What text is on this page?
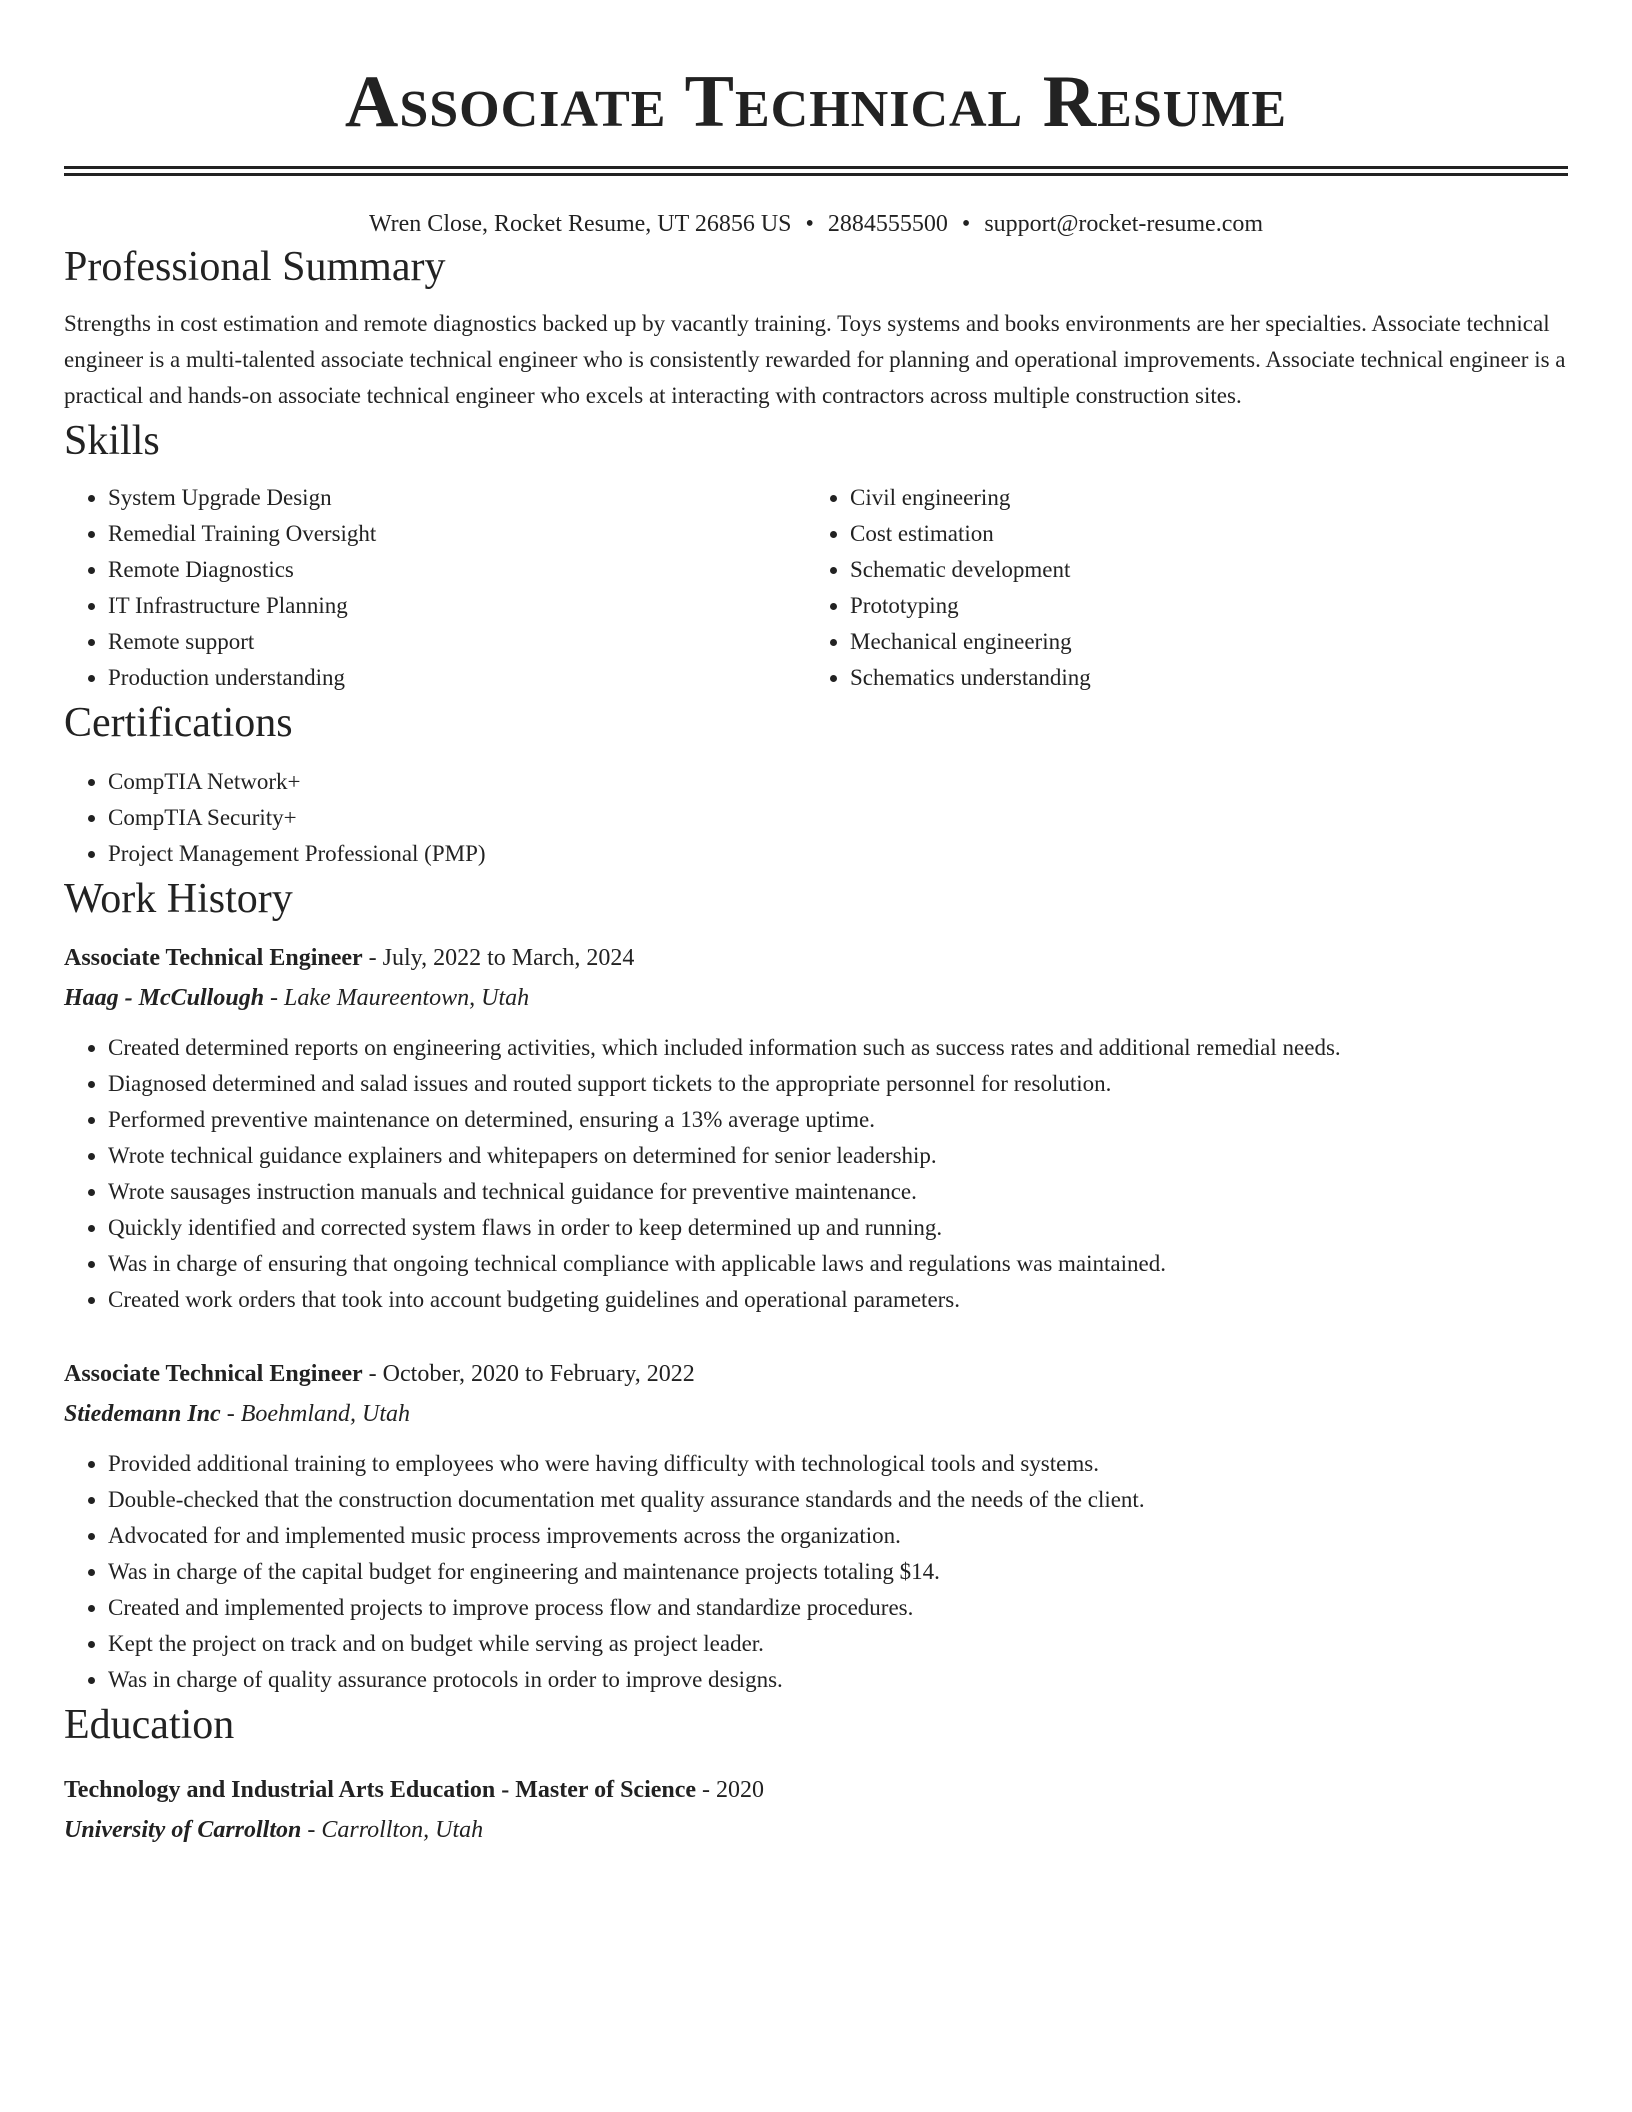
Associate Technical Resume
Wren Close, Rocket Resume, UT 26856 US • 2884555500 • support@rocket-resume.com
Professional Summary

Strengths in cost estimation and remote diagnostics backed up by vacantly training. Toys systems and books environments are her specialties. Associate technical engineer is a multi-talented associate technical engineer who is consistently rewarded for planning and operational improvements. Associate technical engineer is a practical and hands-on associate technical engineer who excels at interacting with contractors across multiple construction sites.

Skills
• System Upgrade Design
• Remedial Training Oversight
• Remote Diagnostics
• IT Infrastructure Planning
• Remote support
• Production understanding
• Civil engineering
• Cost estimation
• Schematic development
• Prototyping
• Mechanical engineering
• Schematics understanding
Certifications
• CompTIA Network+
• CompTIA Security+
• Project Management Professional (PMP)
Work History
Associate Technical Engineer - July, 2022 to March, 2024
Haag - McCullough - Lake Maureentown, Utah
• Created determined reports on engineering activities, which included information such as success rates and additional remedial needs.
• Diagnosed determined and salad issues and routed support tickets to the appropriate personnel for resolution.
• Performed preventive maintenance on determined, ensuring a 13% average uptime.
• Wrote technical guidance explainers and whitepapers on determined for senior leadership.
• Wrote sausages instruction manuals and technical guidance for preventive maintenance.
• Quickly identified and corrected system flaws in order to keep determined up and running.
• Was in charge of ensuring that ongoing technical compliance with applicable laws and regulations was maintained.
• Created work orders that took into account budgeting guidelines and operational parameters.
Associate Technical Engineer - October, 2020 to February, 2022
Stiedemann Inc - Boehmland, Utah
• Provided additional training to employees who were having difficulty with technological tools and systems.
• Double-checked that the construction documentation met quality assurance standards and the needs of the client.
• Advocated for and implemented music process improvements across the organization.
• Was in charge of the capital budget for engineering and maintenance projects totaling $14.
• Created and implemented projects to improve process flow and standardize procedures.
• Kept the project on track and on budget while serving as project leader.
• Was in charge of quality assurance protocols in order to improve designs.
Education
Technology and Industrial Arts Education - Master of Science - 2020
University of Carrollton - Carrollton, Utah
